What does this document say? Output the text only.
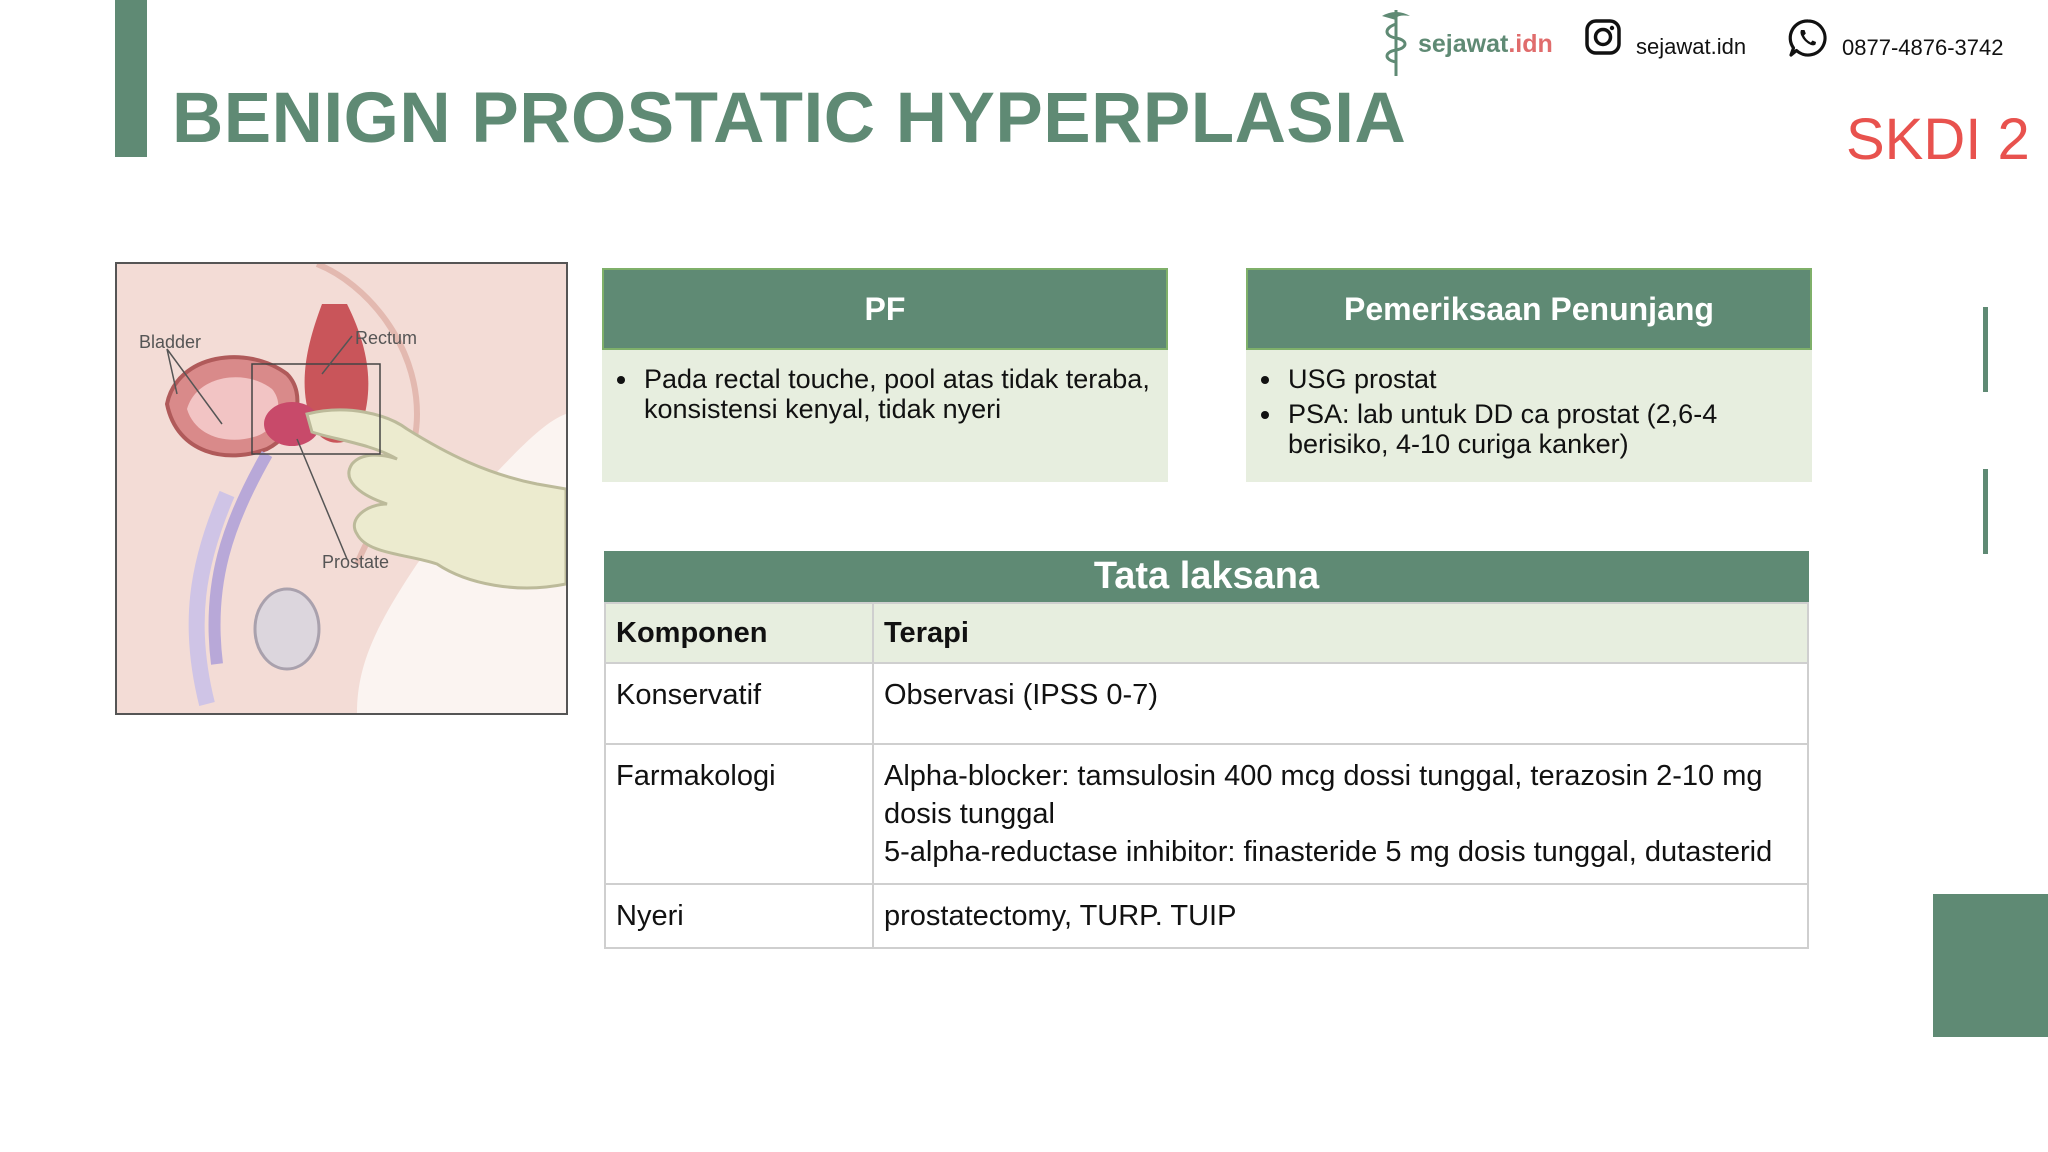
BENIGN PROSTATIC HYPERPLASIA
sejawat.idn	sejawat.idn	0877-4876-3742
SKDI 2
Bladder	Rectum
Prostate
PF
• Pada rectal touche, pool atas tidak teraba, konsistensi kenyal, tidak nyeri
Pemeriksaan Penunjang
• USG prostat
• PSA: lab untuk DD ca prostat (2,6-4 berisiko, 4-10 curiga kanker)
Tata laksana
Komponen	Terapi
Konservatif	Observasi (IPSS 0-7)
Farmakologi	Alpha-blocker: tamsulosin 400 mcg dossi tunggal, terazosin 2-10 mg dosis tunggal
5-alpha-reductase inhibitor: finasteride 5 mg dosis tunggal, dutasterid
Nyeri	prostatectomy, TURP. TUIP
